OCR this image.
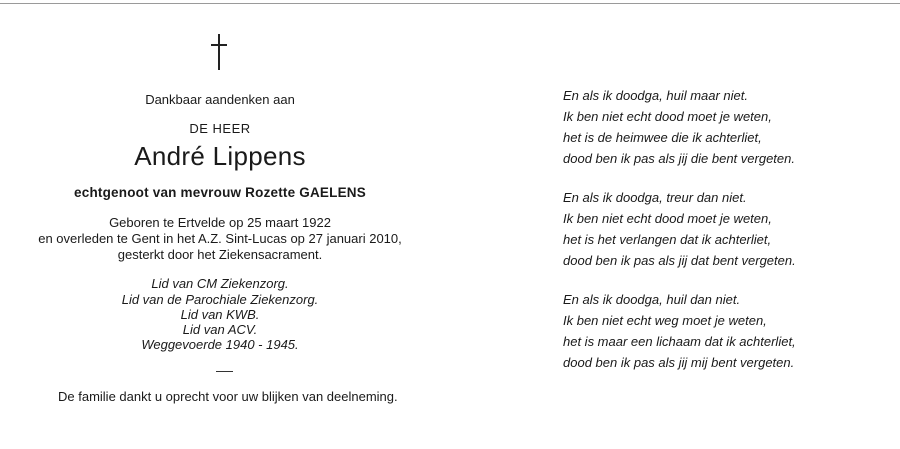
Dankbaar aandenken aan
DE HEER
André Lippens
echtgenoot van mevrouw Rozette GAELENS
Geboren te Ertvelde op 25 maart 1922
en overleden te Gent in het A.Z. Sint-Lucas op 27 januari 2010,
gesterkt door het Ziekensacrament.
Lid van CM Ziekenzorg.
Lid van de Parochiale Ziekenzorg.
Lid van KWB.
Lid van ACV.
Weggevoerde 1940 - 1945.
De familie dankt u oprecht voor uw blijken van deelneming.
En als ik doodga, huil maar niet.
Ik ben niet echt dood moet je weten,
het is de heimwee die ik achterliet,
dood ben ik pas als jij die bent vergeten.
En als ik doodga, treur dan niet.
Ik ben niet echt dood moet je weten,
het is het verlangen dat ik achterliet,
dood ben ik pas als jij dat bent vergeten.
En als ik doodga, huil dan niet.
Ik ben niet echt weg moet je weten,
het is maar een lichaam dat ik achterliet,
dood ben ik pas als jij mij bent vergeten.
